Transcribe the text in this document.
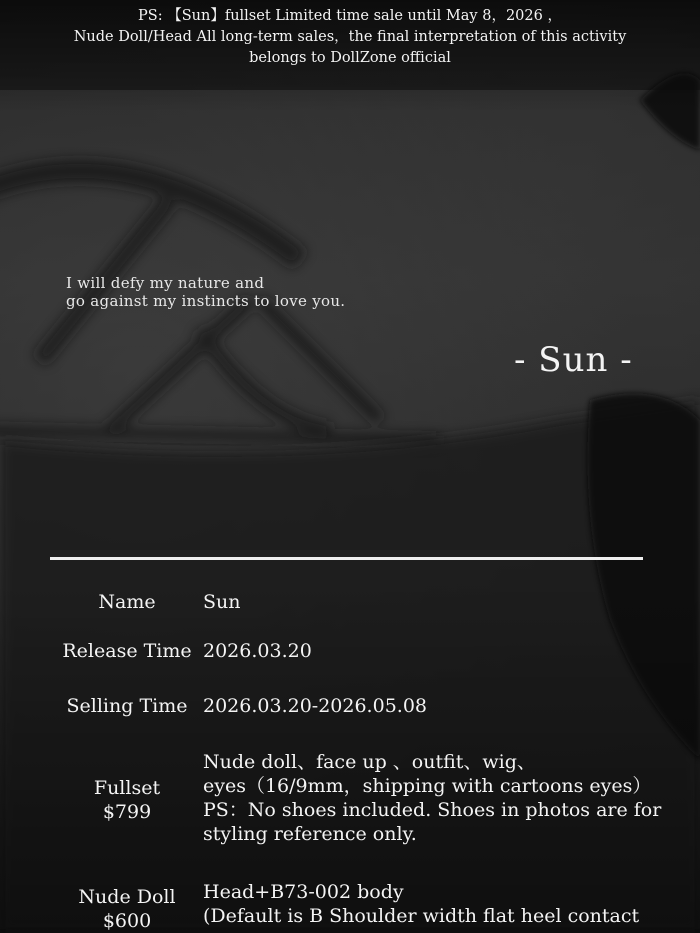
PS: 【Sun】fullset Limited time sale until May 8，2026 ，
Nude Doll/Head All long-term sales，the final interpretation of this activity
belongs to DollZone official
I will defy my nature and
go against my instincts to love you.
- Sun -
Name	Sun
Release Time 2026.03.20
Selling Time 2026.03.20-2026.05.08
Fullset
$799
Nude doll、face up 、outfit、wig、
eyes（16/9mm，shipping with cartoons eyes）
PS：No shoes included. Shoes in photos are for
styling reference only.
Nude Doll
$600
Head+B73-002 body
(Default is B Shoulder width flat heel contact
